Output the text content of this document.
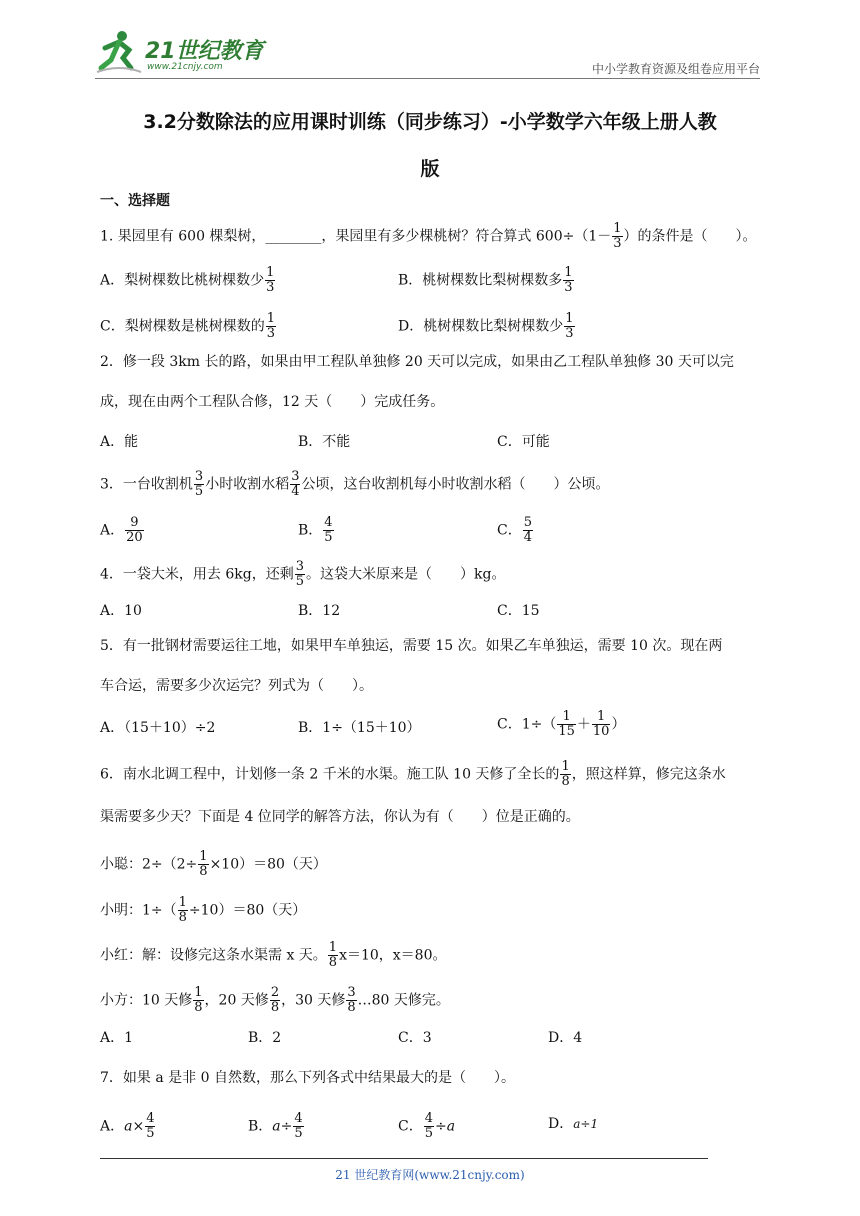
21世纪教育
www.21cnjy.com	中小学教育资源及组卷应用平台
3.2分数除法的应用课时训练（同步练习）-小学数学六年级上册人教
版
一、选择题
1. 果园里有 600 棵梨树，________，果园里有多少棵桃树？符合算式 $600\div(1- \frac{1}{3}$ ）的条件是（　　）。
A．梨树棵数比桃树棵数少 $\frac{1}{3}$	B．桃树棵数比梨树棵数多 $\frac{1}{3}$
C．梨树棵数是桃树棵数的 $\frac{1}{3}$	D．桃树棵数比梨树棵数少 $\frac{1}{3}$
2．修一段 3km 长的路，如果由甲工程队单独修 20 天可以完成，如果由乙工程队单独修 30 天可以完
成，现在由两个工程队合修，12 天（　　）完成任务。
A．能	B．不能	C．可能
3．一台收割机 $\frac{3}{5}$ 小时收割水稻 $\frac{3}{4}$ 公顷，这台收割机每小时收割水稻（　　）公顷。
A． $\frac{9}{20}$	B． $\frac{4}{5}$	C． $\frac{5}{4}$
4．一袋大米，用去 6kg，还剩 $\frac{3}{5}$ 。这袋大米原来是（　　）kg。
A．10	B．12	C．15
5．有一批钢材需要运往工地，如果甲车单独运，需要 15 次。如果乙车单独运，需要 10 次。现在两
车合运，需要多少次运完？列式为（　　）。
A．（15＋10）÷2	B．1÷（15＋10）	C．$1\div( \frac{1}{15} + \frac{1}{10}$ ）
6．南水北调工程中，计划修一条 2 千米的水渠。施工队 10 天修了全长的 $\frac{1}{8}$ ，照这样算，修完这条水
渠需要多少天？下面是 4 位同学的解答方法，你认为有（　　）位是正确的。
小聪：$2\div(2\div \frac{1}{8} \times 10)=80$（天）
小明：$1\div( \frac{1}{8} \div 10)=80$（天）
小红：解：设修完这条水渠需 x 天。 $\frac{1}{8} x=10$，x＝80。
小方：10 天修 $\frac{1}{8}$ ，20 天修 $\frac{2}{8}$ ，30 天修 $\frac{3}{8}$ …80 天修完。
A．1	B．2	C．3	D．4
7．如果 a 是非 0 自然数，那么下列各式中结果最大的是（　　）。
A．$a\times \frac{4}{5}$	B．$a\div \frac{4}{5}$	C． $\frac{4}{5} \div a$	D．a÷1
21 世纪教育网(www.21cnjy.com)
